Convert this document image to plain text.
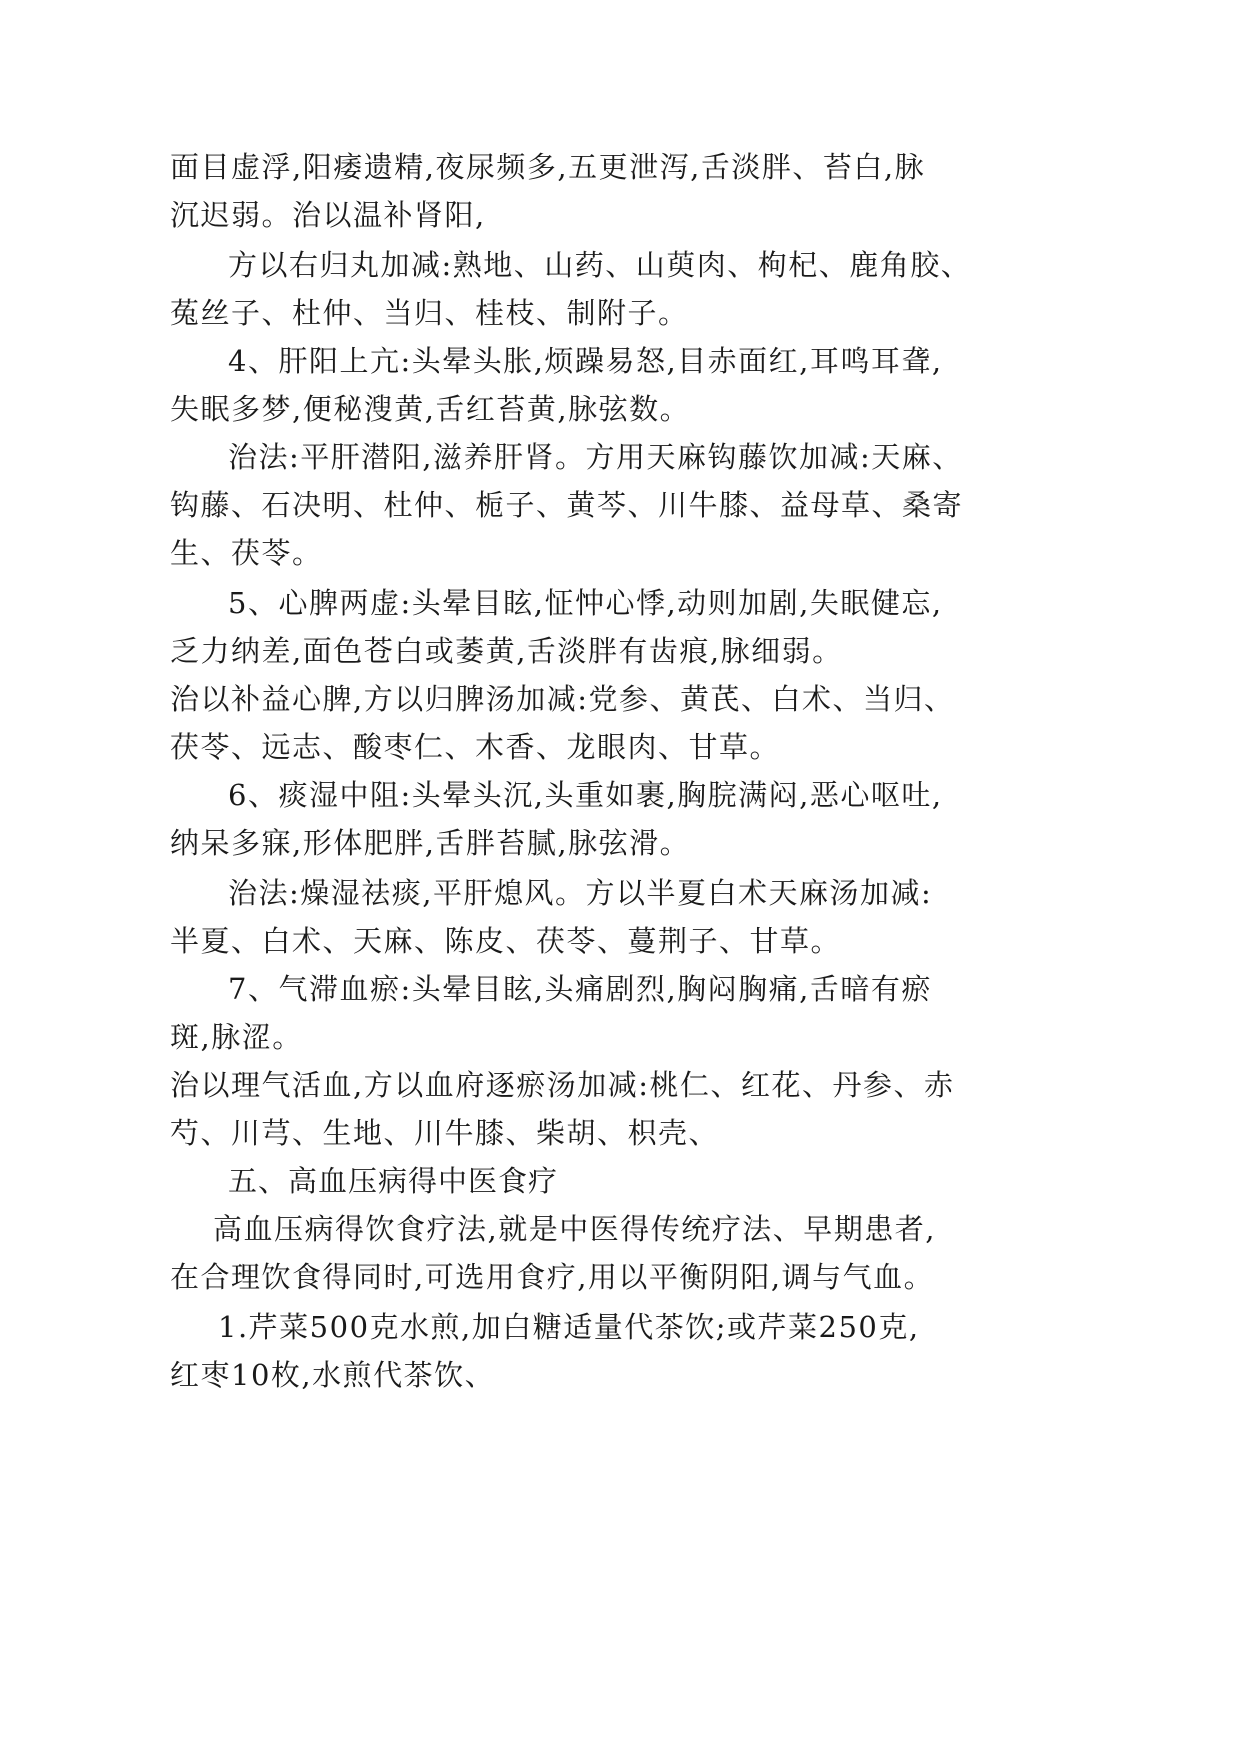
面目虚浮,阳痿遗精,夜尿频多,五更泄泻,舌淡胖、苔白,脉
沉迟弱。治以温补肾阳,
方以右归丸加减:熟地、山药、山萸肉、枸杞、鹿角胶、
菟丝子、杜仲、当归、桂枝、制附子。
4、肝阳上亢:头晕头胀,烦躁易怒,目赤面红,耳鸣耳聋,
失眠多梦,便秘溲黄,舌红苔黄,脉弦数。
治法:平肝潜阳,滋养肝肾。方用天麻钩藤饮加减:天麻、
钩藤、石决明、杜仲、栀子、黄芩、川牛膝、益母草、桑寄
生、茯苓。
5、心脾两虚:头晕目眩,怔忡心悸,动则加剧,失眠健忘,
乏力纳差,面色苍白或萎黄,舌淡胖有齿痕,脉细弱。
治以补益心脾,方以归脾汤加减:党参、黄芪、白术、当归、
茯苓、远志、酸枣仁、木香、龙眼肉、甘草。
6、痰湿中阻:头晕头沉,头重如裹,胸脘满闷,恶心呕吐,
纳呆多寐,形体肥胖,舌胖苔腻,脉弦滑。
治法:燥湿祛痰,平肝熄风。方以半夏白术天麻汤加减:
半夏、白术、天麻、陈皮、茯苓、蔓荆子、甘草。
7、气滞血瘀:头晕目眩,头痛剧烈,胸闷胸痛,舌暗有瘀
斑,脉涩。
治以理气活血,方以血府逐瘀汤加减:桃仁、红花、丹参、赤
芍、川芎、生地、川牛膝、柴胡、枳壳、
五、高血压病得中医食疗
高血压病得饮食疗法,就是中医得传统疗法、早期患者,
在合理饮食得同时,可选用食疗,用以平衡阴阳,调与气血。
1.芹菜500克水煎,加白糖适量代茶饮;或芹菜250克,
红枣10枚,水煎代茶饮、
